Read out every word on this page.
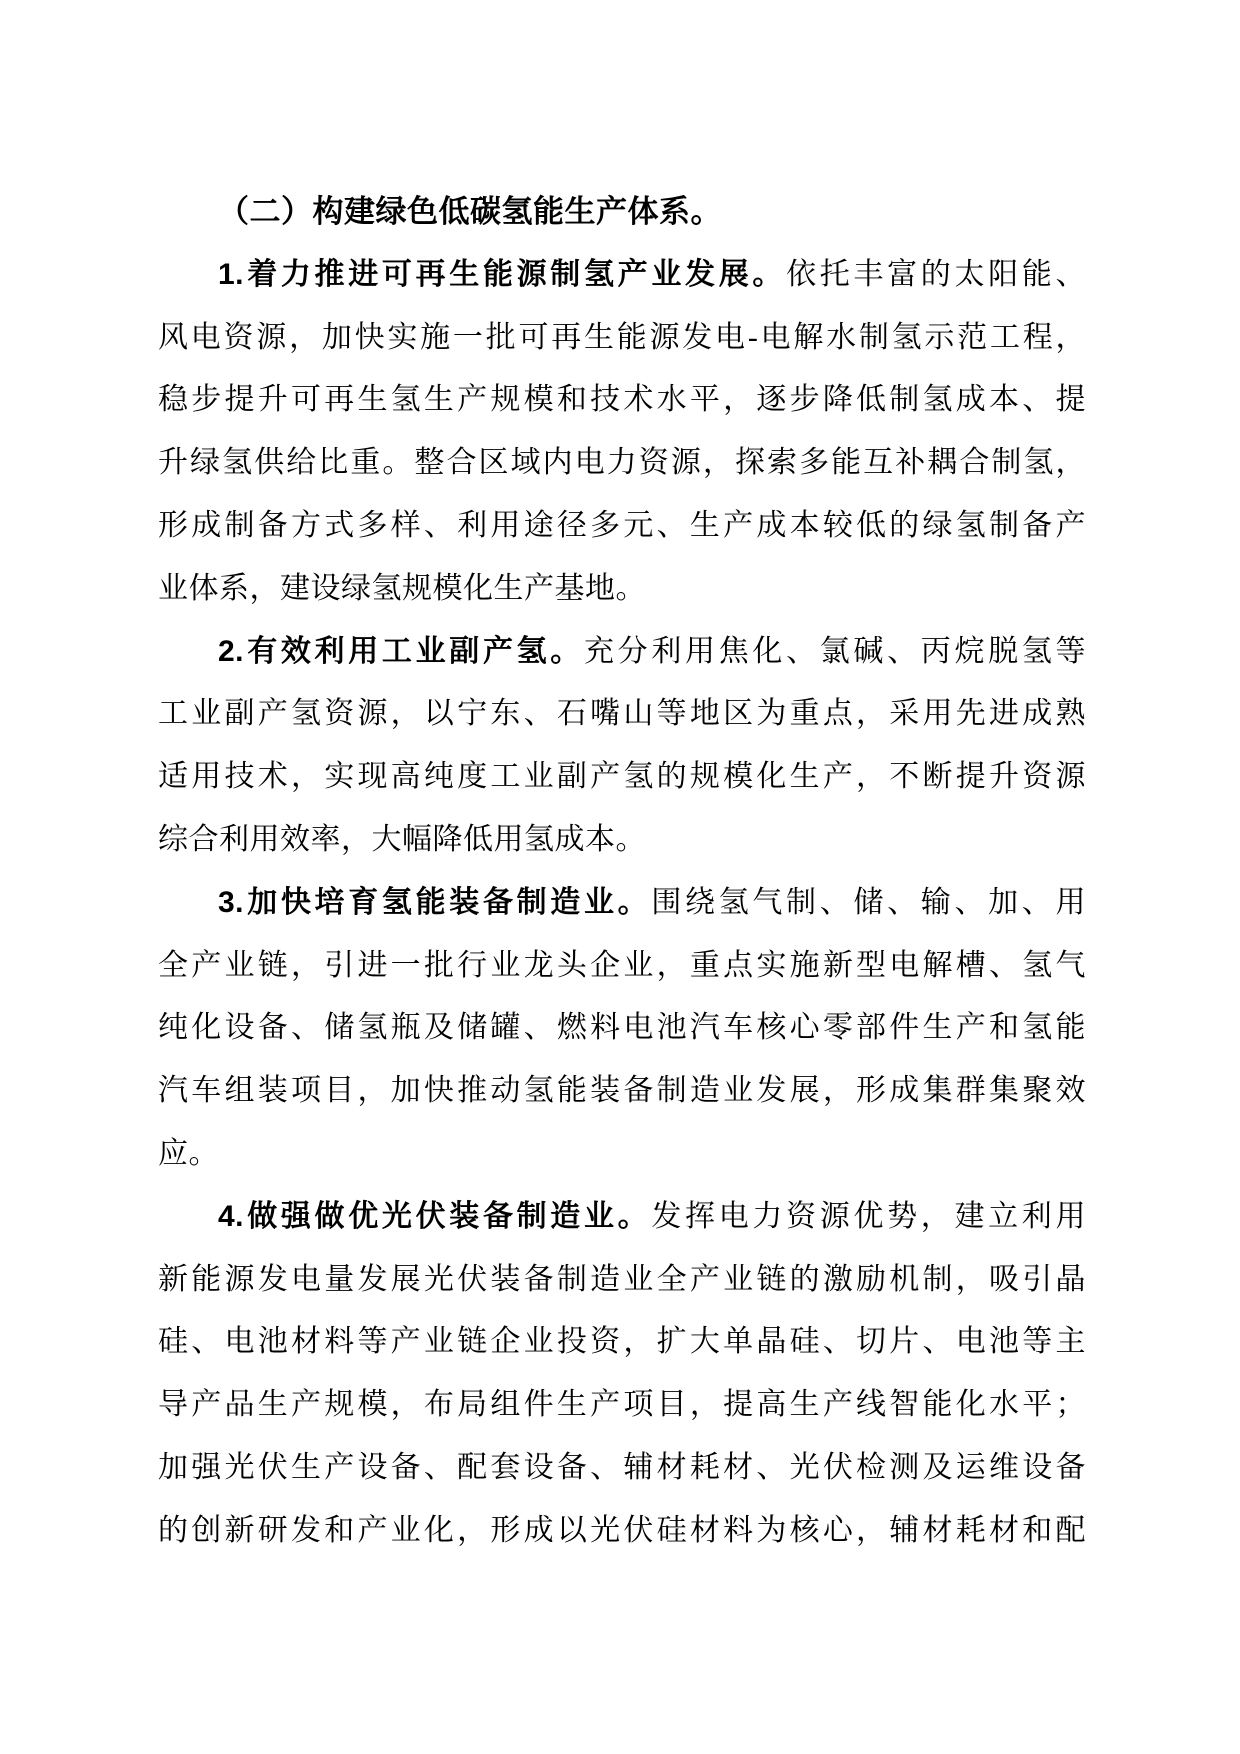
（二）构建绿色低碳氢能生产体系。
1.着力推进可再生能源制氢产业发展。依托丰富的太阳能、
风电资源，加快实施一批可再生能源发电-电解水制氢示范工程，
稳步提升可再生氢生产规模和技术水平，逐步降低制氢成本、提
升绿氢供给比重。整合区域内电力资源，探索多能互补耦合制氢，
形成制备方式多样、利用途径多元、生产成本较低的绿氢制备产
业体系，建设绿氢规模化生产基地。
2.有效利用工业副产氢。充分利用焦化、氯碱、丙烷脱氢等
工业副产氢资源，以宁东、石嘴山等地区为重点，采用先进成熟
适用技术，实现高纯度工业副产氢的规模化生产，不断提升资源
综合利用效率，大幅降低用氢成本。
3.加快培育氢能装备制造业。围绕氢气制、储、输、加、用
全产业链，引进一批行业龙头企业，重点实施新型电解槽、氢气
纯化设备、储氢瓶及储罐、燃料电池汽车核心零部件生产和氢能
汽车组装项目，加快推动氢能装备制造业发展，形成集群集聚效
应。
4.做强做优光伏装备制造业。发挥电力资源优势，建立利用
新能源发电量发展光伏装备制造业全产业链的激励机制，吸引晶
硅、电池材料等产业链企业投资，扩大单晶硅、切片、电池等主
导产品生产规模，布局组件生产项目，提高生产线智能化水平；
加强光伏生产设备、配套设备、辅材耗材、光伏检测及运维设备
的创新研发和产业化，形成以光伏硅材料为核心，辅材耗材和配
